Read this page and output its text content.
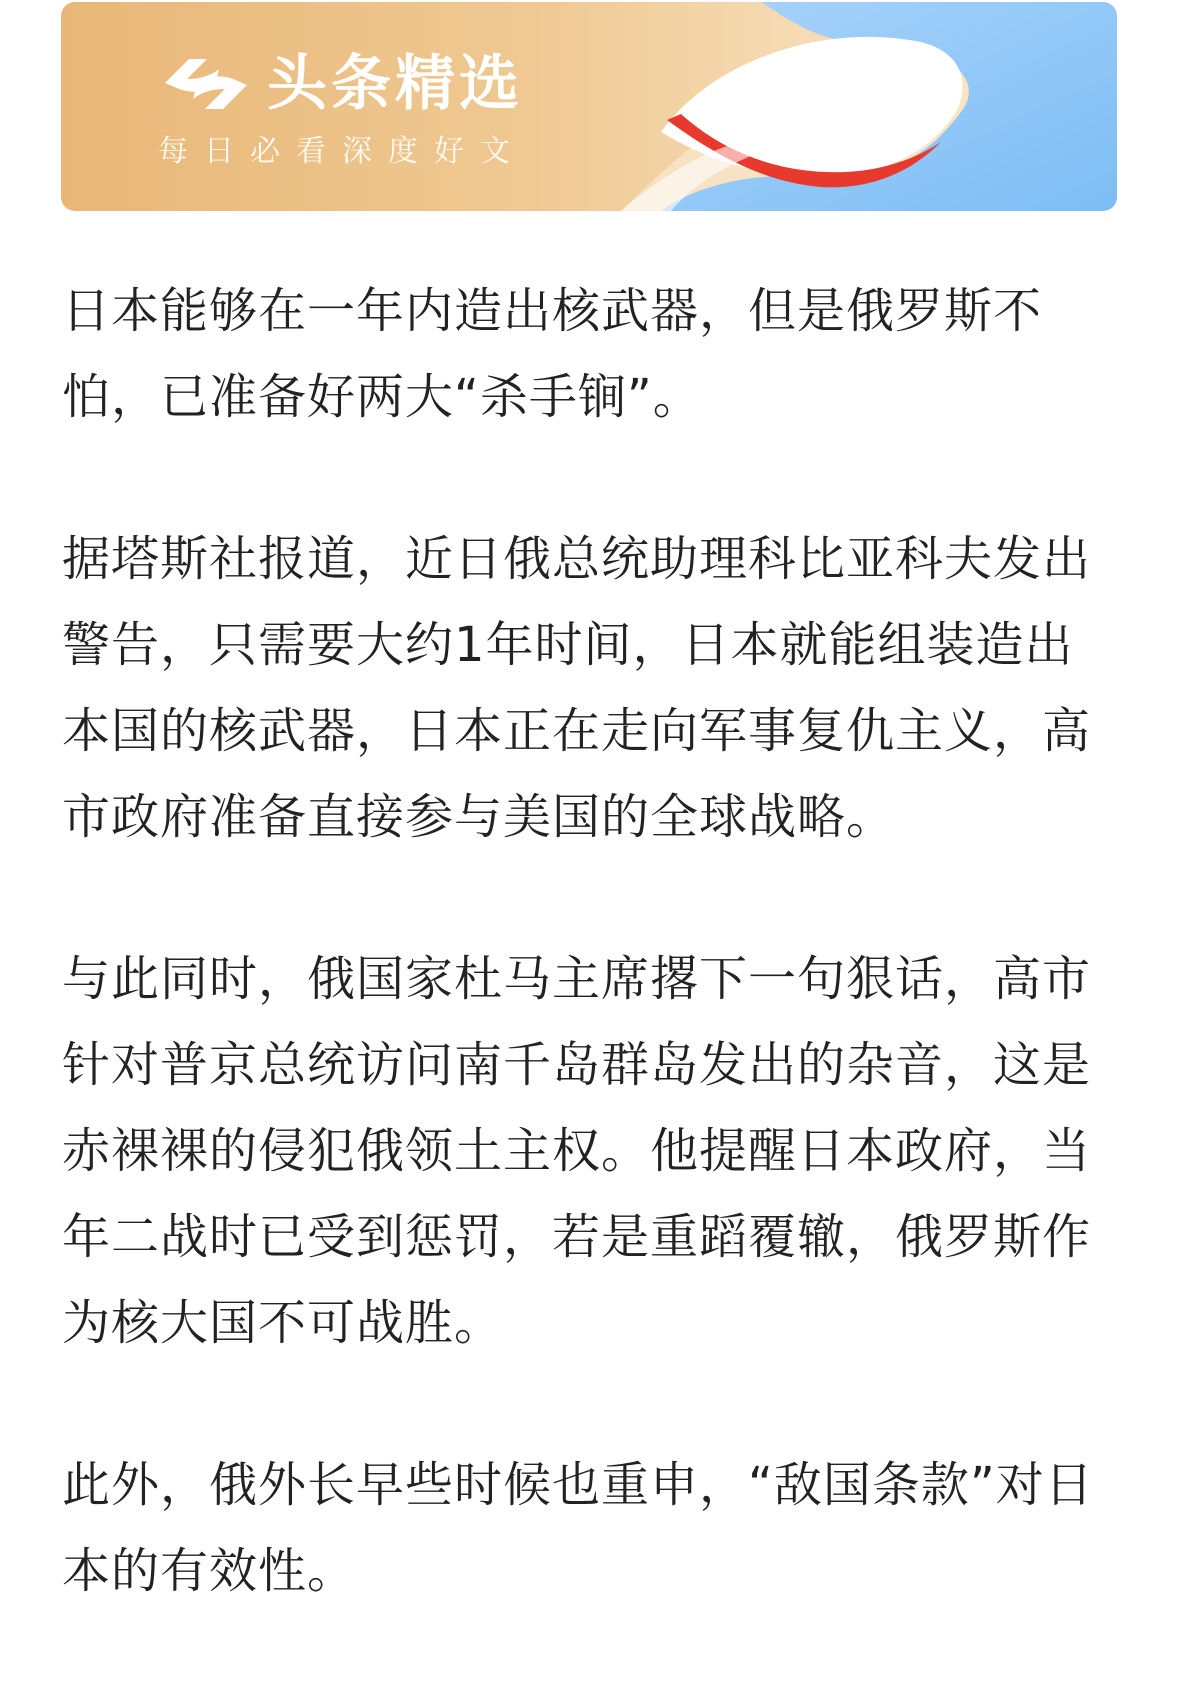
头条精选
每日必看深度好文

日本能够在一年内造出核武器，但是俄罗斯不怕，已准备好两大“杀手锏”。

据塔斯社报道，近日俄总统助理科比亚科夫发出警告，只需要大约1年时间，日本就能组装造出本国的核武器，日本正在走向军事复仇主义，高市政府准备直接参与美国的全球战略。

与此同时，俄国家杜马主席撂下一句狠话，高市针对普京总统访问南千岛群岛发出的杂音，这是赤裸裸的侵犯俄领土主权。他提醒日本政府，当年二战时已受到惩罚，若是重蹈覆辙，俄罗斯作为核大国不可战胜。

此外，俄外长早些时候也重申，“敌国条款”对日本的有效性。
